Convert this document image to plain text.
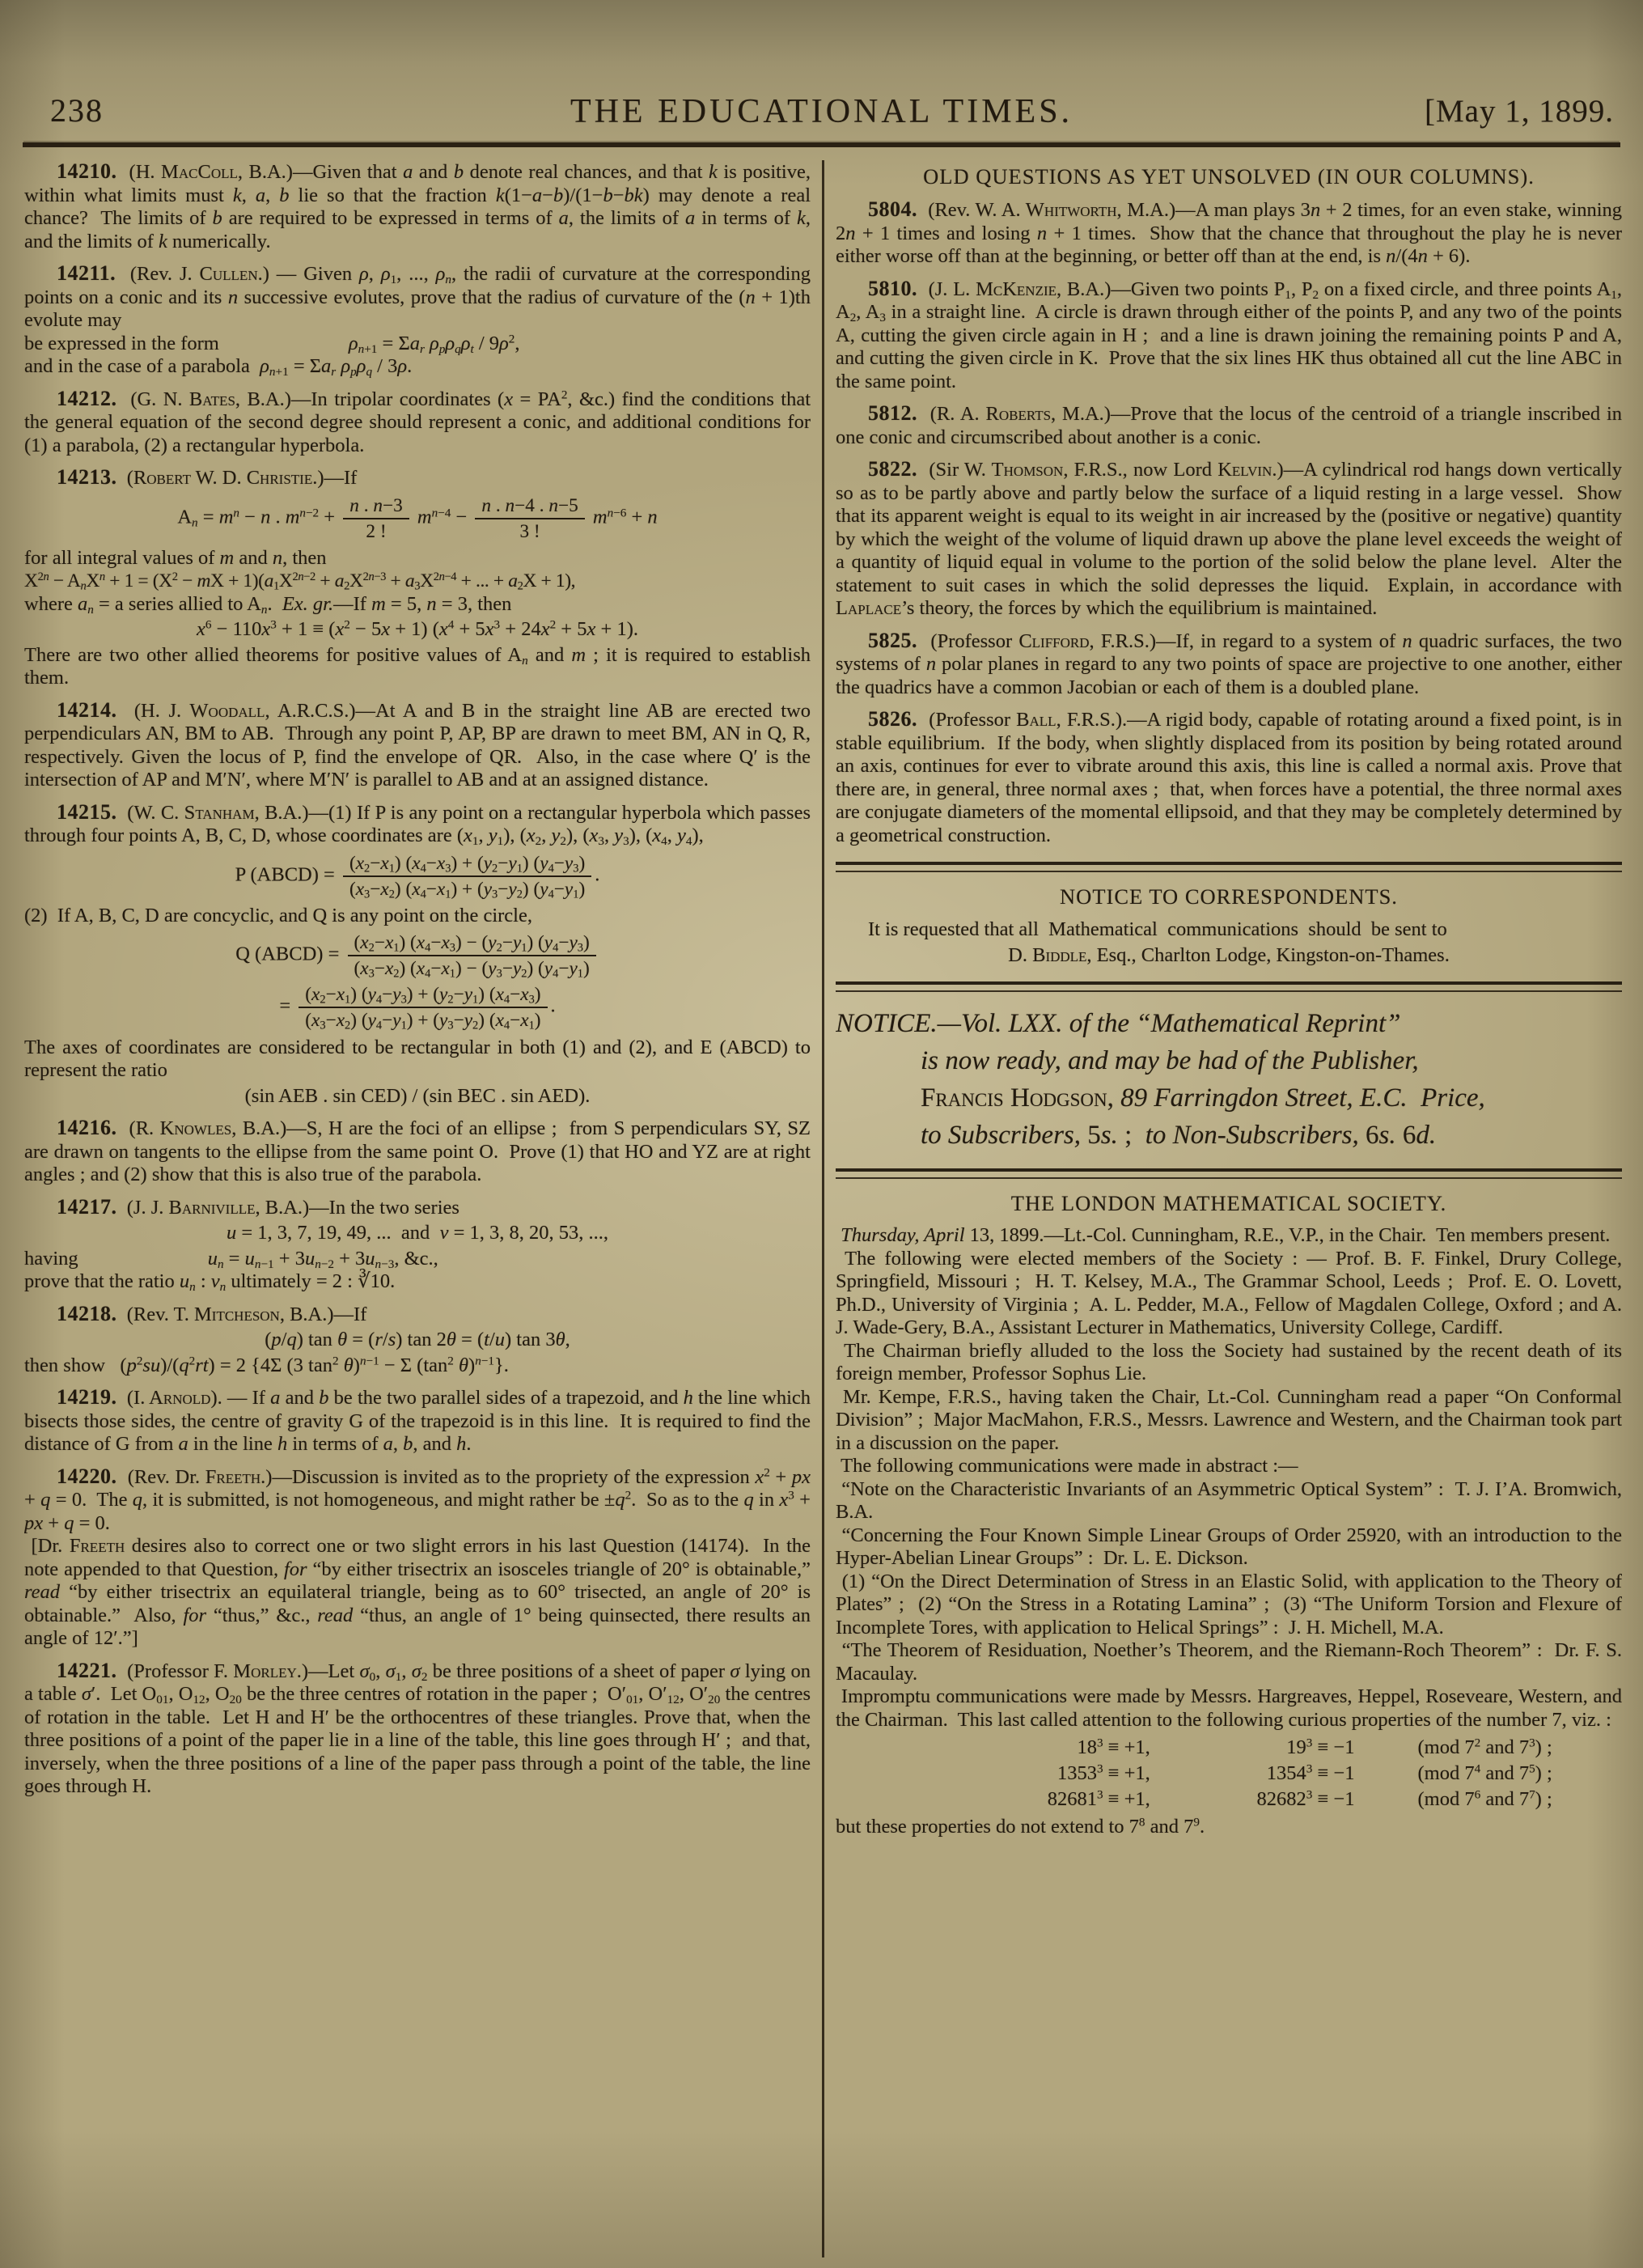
238	THE EDUCATIONAL TIMES.	[May 1, 1899.

14210.  (H. MacColl, B.A.)—Given that a and b denote real chances, and that k is positive, within what limits must k, a, b lie so that the fraction k(1−a−b)/(1−b−bk) may denote a real chance?  The limits of b are required to be expressed in terms of a, the limits of a in terms of k, and the limits of k numerically.

14211.  (Rev. J. Cullen.) — Given ρ, $\rho_1$, ..., $\rho_n$, the radii of curvature at the corresponding points on a conic and its n successive evolutes, prove that the radius of curvature of the (n + 1)th evolute may

be expressed in the form	$\rho_{n+1} = \Sigma a_r$ $\rho_p\rho_q\rho_t / 9\rho^2$,

and in the case of a parabola  $\rho_{n+1} = \Sigma a_r$ $\rho_p\rho_q / 3\rho$.

14212.  (G. N. Bates, B.A.)—In tripolar coordinates ($x = PA^2$, &c.) find the conditions that the general equation of the second degree should represent a conic, and additional conditions for (1) a parabola, (2) a rectangular hyperbola.

14213.  (Robert W. D. Christie.)—If

$A_n = m^n - n$ . $m^{n-2} + \frac{n . n-3}{2 !} m^{n-4} - \frac{n . n-4 . n-5}{3 !} m^{n-6} + n$

for all integral values of m and n, then

$X^{2n} - A_nX^n + 1 = (X^2$ − mX + $1)(a_1X^{2n-2} + a_2X^{2n-3} + a_3X^{2n-4}$ + ... + $a_2X + 1$),

where $a_n = a$ series allied to $A_n$.  Ex. gr.—If m = 5, n = 3, then

$x^6 - 110x^3 + 1 \equiv (x^2 - 5x + 1) (x^4 + 5x^3 + 24x^2 + 5x + 1)$.

There are two other allied theorems for positive values of $A_n$ and m ; it is required to establish them.

14214.  (H. J. Woodall, A.R.C.S.)—At A and B in the straight line AB are erected two perpendiculars AN, BM to AB.  Through any point P, AP, BP are drawn to meet BM, AN in Q, R, respectively. Given the locus of P, find the envelope of QR.  Also, in the case where Q′ is the intersection of AP and M′N′, where M′N′ is parallel to AB and at an assigned distance.

14215.  (W. C. Stanham, B.A.)—(1) If P is any point on a rectangular hyperbola which passes through four points A, B, C, D, whose coordinates are ($x_1$, $y_1$), ($x_2$, $y_2$), ($x_3$, $y_3$), ($x_4$, $y_4$),

P (ABCD) = $\frac{(x_2-x_1) (x_4-x_3) + (y_2-y_1) (y_4-y_3)}{(x_3-x_2) (x_4-x_1) + (y_3-y_2) (y_4-y_1)}$ .

(2)  If A, B, C, D are concyclic, and Q is any point on the circle,

Q (ABCD) = $\frac{(x_2-x_1) (x_4-x_3) - (y_2-y_1) (y_4-y_3)}{(x_3-x_2) (x_4-x_1) - (y_3-y_2) (y_4-y_1)}$
= $\frac{(x_2-x_1) (y_4-y_3) + (y_2-y_1) (x_4-x_3)}{(x_3-x_2) (y_4-y_1) + (y_3-y_2) (x_4-x_1)}$ .

The axes of coordinates are considered to be rectangular in both (1) and (2), and E (ABCD) to represent the ratio

(sin AEB . sin CED) / (sin BEC . sin AED).

14216.  (R. Knowles, B.A.)—S, H are the foci of an ellipse ;  from S perpendiculars SY, SZ are drawn on tangents to the ellipse from the same point O.  Prove (1) that HO and YZ are at right angles ; and (2) show that this is also true of the parabola.

14217.  (J. J. Barniville, B.A.)—In the two series

u = 1, 3, 7, 19, 49, ...  and  v = 1, 3, 8, 20, 53, ...,

having	$u_n = u_{n-1} + 3u_{n-2} + 3u_{n-3}$, &c.,

prove that the ratio $u_n$ : $v_n$ ultimately = 2 : ∛10.

14218.  (Rev. T. Mitcheson, B.A.)—If

(p/q) tan θ = (r/s) tan 2θ = (t/u) tan 3θ,

then show   $(p^2su)/(q^2rt) = 2$ {4Σ (3 $\tan^2 \theta)^{n-1} - \Sigma$ ($\tan^2$ θ)$^{n-1}$}.

14219.  (I. Arnold). — If a and b be the two parallel sides of a trapezoid, and h the line which bisects those sides, the centre of gravity G of the trapezoid is in this line.  It is required to find the distance of G from a in the line h in terms of a, b, and h.

14220.  (Rev. Dr. Freeth.)—Discussion is invited as to the propriety of the expression $x^2$ + px + q = 0.  The q, it is submitted, is not homogeneous, and might rather be $\pm q^2$.  So as to the q in $x^3$ + px + q = 0.

[Dr. Freeth desires also to correct one or two slight errors in his last Question (14174).  In the note appended to that Question, for “by either trisectrix an isosceles triangle of 20° is obtainable,” read “by either trisectrix an equilateral triangle, being as to 60° trisected, an angle of 20° is obtainable.”  Also, for “thus,” &c., read “thus, an angle of 1° being quinsected, there results an angle of 12′.”]

14221.  (Professor F. Morley.)—Let $\sigma_0$, $\sigma_1$, $\sigma_2$ be three positions of a sheet of paper σ lying on a table σ′.  Let $O_{01}$, $O_{12}$, $O_{20}$ be the three centres of rotation in the paper ;  $O'_{01}$, $O'_{12}$, $O'_{20}$ the centres of rotation in the table.  Let H and H′ be the orthocentres of these triangles. Prove that, when the three positions of a point of the paper lie in a line of the table, this line goes through H′ ;  and that, inversely, when the three positions of a line of the paper pass through a point of the table, the line goes through H.

OLD QUESTIONS AS YET UNSOLVED (IN OUR COLUMNS).

5804.  (Rev. W. A. Whitworth, M.A.)—A man plays 3n + 2 times, for an even stake, winning 2n + 1 times and losing n + 1 times.  Show that the chance that throughout the play he is never either worse off than at the beginning, or better off than at the end, is n/(4n + 6).

5810.  (J. L. McKenzie, B.A.)—Given two points $P_1$, $P_2$ on a fixed circle, and three points $A_1$, $A_2$, $A_3$ in a straight line.  A circle is drawn through either of the points P, and any two of the points A, cutting the given circle again in H ;  and a line is drawn joining the remaining points P and A, and cutting the given circle in K.  Prove that the six lines HK thus obtained all cut the line ABC in the same point.

5812.  (R. A. Roberts, M.A.)—Prove that the locus of the centroid of a triangle inscribed in one conic and circumscribed about another is a conic.

5822.  (Sir W. Thomson, F.R.S., now Lord Kelvin.)—A cylindrical rod hangs down vertically so as to be partly above and partly below the surface of a liquid resting in a large vessel.  Show that its apparent weight is equal to its weight in air increased by the (positive or negative) quantity by which the weight of the volume of liquid drawn up above the plane level exceeds the weight of a quantity of liquid equal in volume to the portion of the solid below the plane level.  Alter the statement to suit cases in which the solid depresses the liquid.  Explain, in accordance with Laplace’s theory, the forces by which the equilibrium is maintained.

5825.  (Professor Clifford, F.R.S.)—If, in regard to a system of n quadric surfaces, the two systems of n polar planes in regard to any two points of space are projective to one another, either the quadrics have a common Jacobian or each of them is a doubled plane.

5826.  (Professor Ball, F.R.S.).—A rigid body, capable of rotating around a fixed point, is in stable equilibrium.  If the body, when slightly displaced from its position by being rotated around an axis, continues for ever to vibrate around this axis, this line is called a normal axis. Prove that there are, in general, three normal axes ;  that, when forces have a potential, the three normal axes are conjugate diameters of the momental ellipsoid, and that they may be completely determined by a geometrical construction.

NOTICE TO CORRESPONDENTS.

It is requested that all  Mathematical  communications  should  be sent to

D. Biddle, Esq., Charlton Lodge, Kingston-on-Thames.
NOTICE.—Vol. LXX. of the “Mathematical Reprint”
is now ready, and may be had of the Publisher,
Francis Hodgson, 89 Farringdon Street, E.C.  Price,
to Subscribers, 5s. ;  to Non-Subscribers, 6s. 6d.
THE LONDON MATHEMATICAL SOCIETY.

Thursday, April 13, 1899.—Lt.-Col. Cunningham, R.E., V.P., in the Chair.  Ten members present.

The following were elected members of the Society : — Prof. B. F. Finkel, Drury College, Springfield, Missouri ;  H. T. Kelsey, M.A., The Grammar School, Leeds ;  Prof. E. O. Lovett, Ph.D., University of Virginia ;  A. L. Pedder, M.A., Fellow of Magdalen College, Oxford ; and A. J. Wade-Gery, B.A., Assistant Lecturer in Mathematics, University College, Cardiff.

The Chairman briefly alluded to the loss the Society had sustained by the recent death of its foreign member, Professor Sophus Lie.

Mr. Kempe, F.R.S., having taken the Chair, Lt.-Col. Cunningham read a paper “On Conformal Division” ;  Major MacMahon, F.R.S., Messrs. Lawrence and Western, and the Chairman took part in a discussion on the paper.

The following communications were made in abstract :—

“Note on the Characteristic Invariants of an Asymmetric Optical System” :  T. J. I’A. Bromwich, B.A.

“Concerning the Four Known Simple Linear Groups of Order 25920, with an introduction to the Hyper-Abelian Linear Groups” :  Dr. L. E. Dickson.

(1) “On the Direct Determination of Stress in an Elastic Solid, with application to the Theory of Plates” ;  (2) “On the Stress in a Rotating Lamina” ;  (3) “The Uniform Torsion and Flexure of Incomplete Tores, with application to Helical Springs” :  J. H. Michell, M.A.

“The Theorem of Residuation, Noether’s Theorem, and the Riemann-Roch Theorem” :  Dr. F. S. Macaulay.

Impromptu communications were made by Messrs. Hargreaves, Heppel, Roseveare, Western, and the Chairman.  This last called attention to the following curious properties of the number 7, viz. :

$18^3 \equiv +1$,	$19^3 \equiv -1$	(mod $7^2$ and $7^3$) ;
$1353^3 \equiv +1$,	$1354^3 \equiv -1$	(mod $7^4$ and $7^5$) ;
$82681^3 \equiv +1$,	$82682^3 \equiv -1$	(mod $7^6$ and $7^7$) ;

but these properties do not extend to $7^8$ and $7^9$.
